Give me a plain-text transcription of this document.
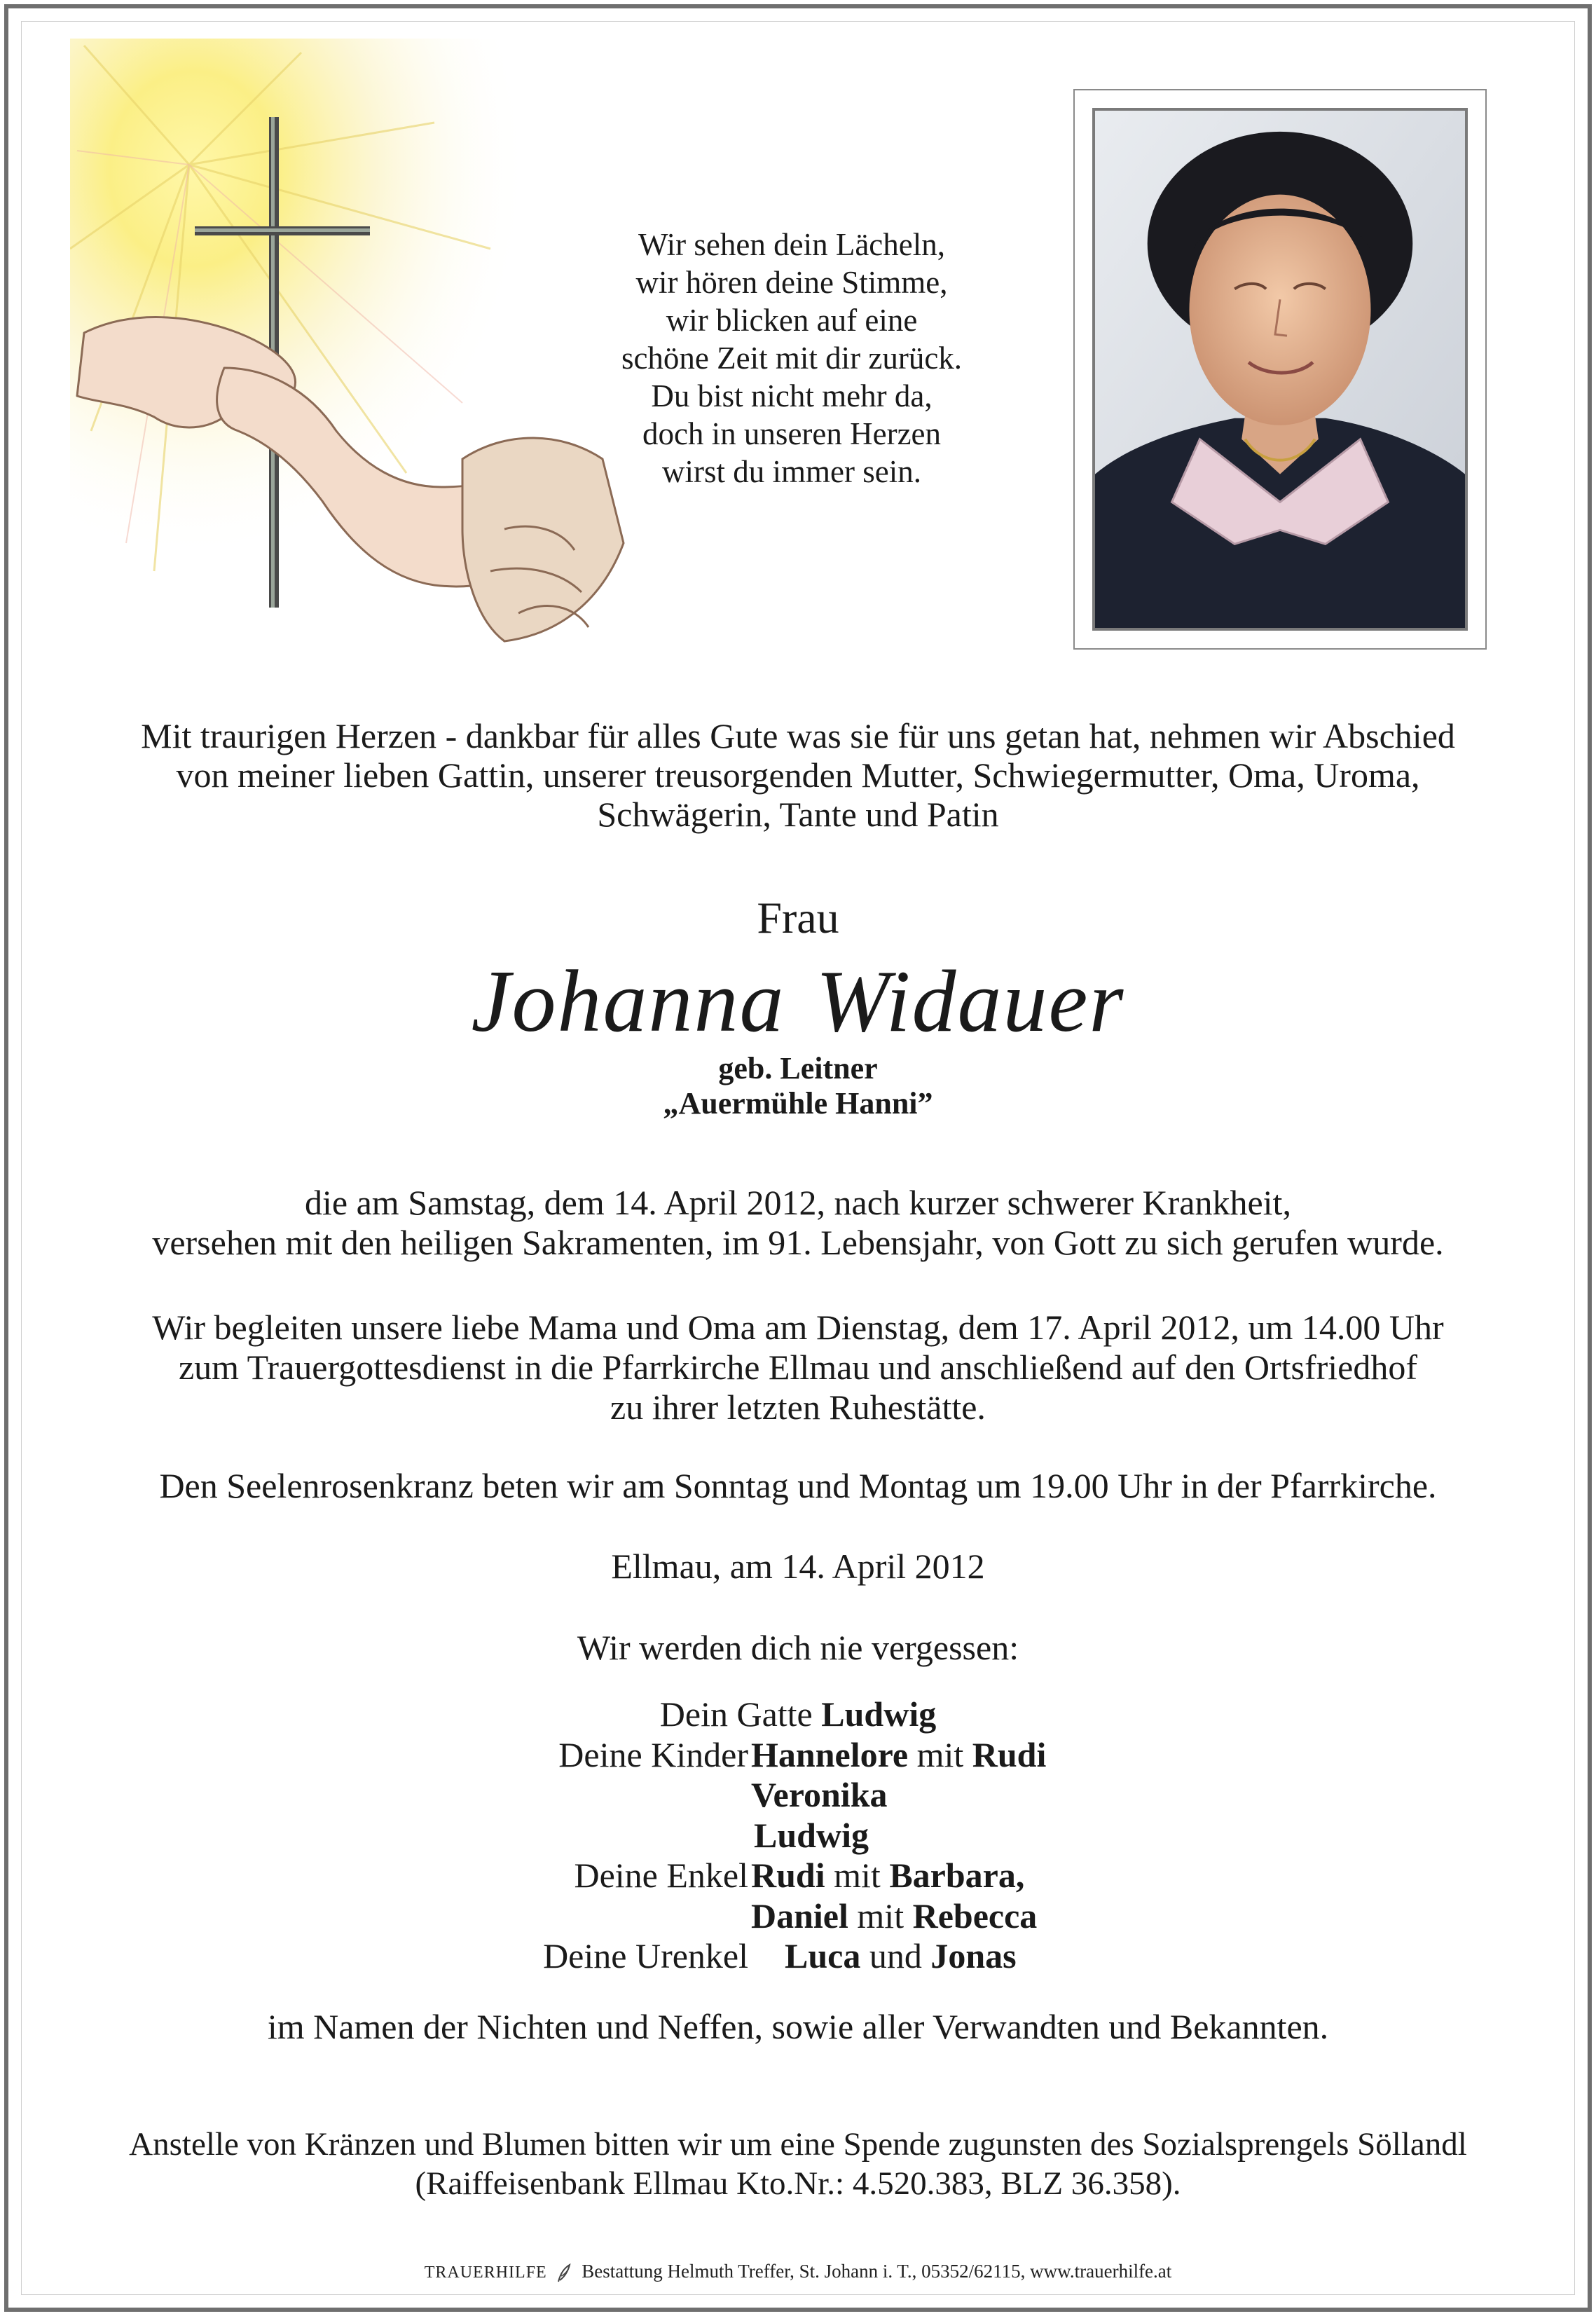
Wir sehen dein Lächeln,
wir hören deine Stimme,
wir blicken auf eine
schöne Zeit mit dir zurück.
Du bist nicht mehr da,
doch in unseren Herzen
wirst du immer sein.
Mit traurigen Herzen - dankbar für alles Gute was sie für uns getan hat, nehmen wir Abschied
von meiner lieben Gattin, unserer treusorgenden Mutter, Schwiegermutter, Oma, Uroma,
Schwägerin, Tante und Patin
Frau
Johanna Widauer
geb. Leitner
„Auermühle Hanni”
die am Samstag, dem 14. April 2012, nach kurzer schwerer Krankheit,
versehen mit den heiligen Sakramenten, im 91. Lebensjahr, von Gott zu sich gerufen wurde.
Wir begleiten unsere liebe Mama und Oma am Dienstag, dem 17. April 2012, um 14.00 Uhr
zum Trauergottesdienst in die Pfarrkirche Ellmau und anschließend auf den Ortsfriedhof
zu ihrer letzten Ruhestätte.
Den Seelenrosenkranz beten wir am Sonntag und Montag um 19.00 Uhr in der Pfarrkirche.
Ellmau, am 14. April 2012
Wir werden dich nie vergessen:
Dein Gatte Ludwig
Deine Kinder Hannelore mit Rudi
Veronika
Ludwig
Deine Enkel Rudi mit Barbara,
Daniel mit Rebecca
Deine Urenkel Luca und Jonas
im Namen der Nichten und Neffen, sowie aller Verwandten und Bekannten.
Anstelle von Kränzen und Blumen bitten wir um eine Spende zugunsten des Sozialsprengels Söllandl
(Raiffeisenbank Ellmau Kto.Nr.: 4.520.383, BLZ 36.358).
TRAUERHILFE Bestattung Helmuth Treffer, St. Johann i. T., 05352/62115, www.trauerhilfe.at
